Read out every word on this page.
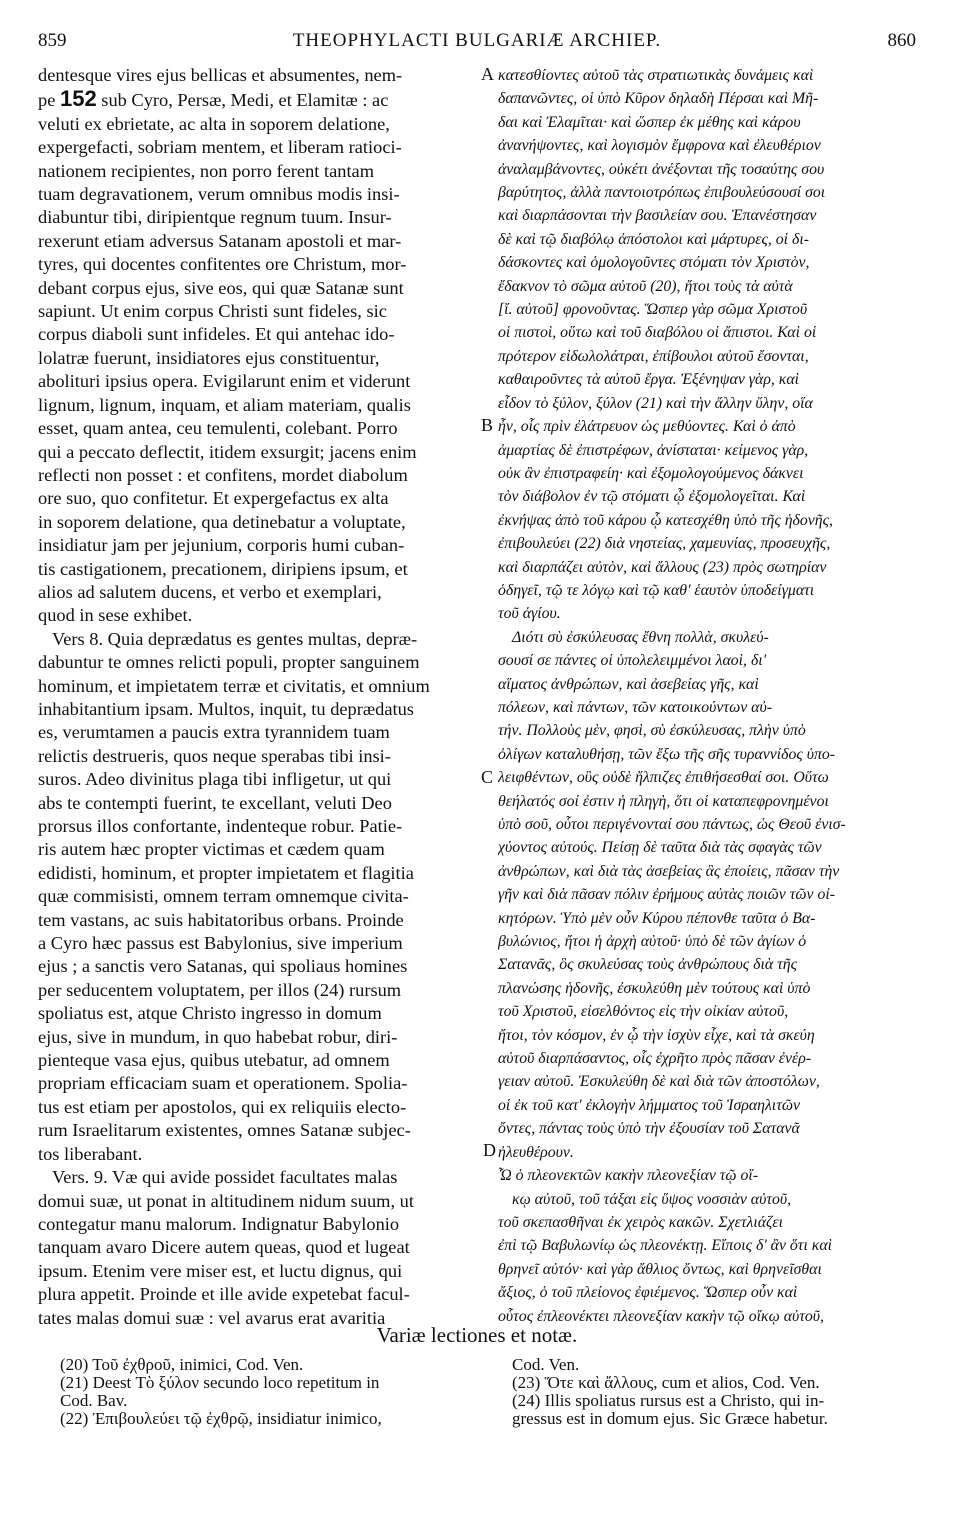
859	THEOPHYLACTI BULGARIÆ ARCHIEP.	860
dentesque vires ejus bellicas et absumentes, nem-
pe 152 sub Cyro, Persæ, Medi, et Elamitæ : ac
veluti ex ebrietate, ac alta in soporem delatione,
expergefacti, sobriam mentem, et liberam ratioci-
nationem recipientes, non porro ferent tantam
tuam degravationem, verum omnibus modis insi-
diabuntur tibi, diripientque regnum tuum. Insur-
rexerunt etiam adversus Satanam apostoli et mar-
tyres, qui docentes confitentes ore Christum, mor-
debant corpus ejus, sive eos, qui quæ Satanæ sunt
sapiunt. Ut enim corpus Christi sunt fideles, sic
corpus diaboli sunt infideles. Et qui antehac ido-
lolatræ fuerunt, insidiatores ejus constituentur,
abolituri ipsius opera. Evigilarunt enim et viderunt
lignum, lignum, inquam, et aliam materiam, qualis
esset, quam antea, ceu temulenti, colebant. Porro
qui a peccato deflectit, itidem exsurgit; jacens enim
reflecti non posset : et confitens, mordet diabolum
ore suo, quo confitetur. Et expergefactus ex alta
in soporem delatione, qua detinebatur a voluptate,
insidiatur jam per jejunium, corporis humi cuban-
tis castigationem, precationem, diripiens ipsum, et
alios ad salutem ducens, et verbo et exemplari,
quod in sese exhibet.
Vers 8. Quia deprædatus es gentes multas, depræ-
dabuntur te omnes relicti populi, propter sanguinem
hominum, et impietatem terræ et civitatis, et omnium
inhabitantium ipsam. Multos, inquit, tu deprædatus
es, verumtamen a paucis extra tyrannidem tuam
relictis destrueris, quos neque sperabas tibi insi-
suros. Adeo divinitus plaga tibi infligetur, ut qui
abs te contempti fuerint, te excellant, veluti Deo
prorsus illos confortante, indenteque robur. Patie-
ris autem hæc propter victimas et cædem quam
edidisti, hominum, et propter impietatem et flagitia
quæ commisisti, omnem terram omnemque civita-
tem vastans, ac suis habitatoribus orbans. Proinde
a Cyro hæc passus est Babylonius, sive imperium
ejus ; a sanctis vero Satanas, qui spoliaus homines
per seducentem voluptatem, per illos (24) rursum
spoliatus est, atque Christo ingresso in domum
ejus, sive in mundum, in quo habebat robur, diri-
pienteque vasa ejus, quibus utebatur, ad omnem
propriam efficaciam suam et operationem. Spolia-
tus est etiam per apostolos, qui ex reliquiis electo-
rum Israelitarum existentes, omnes Satanæ subjec-
tos liberabant.
Vers. 9. Væ qui avide possidet facultates malas
domui suæ, ut ponat in altitudinem nidum suum, ut
contegatur manu malorum. Indignatur Babylonio
tanquam avaro Dicere autem queas, quod et lugeat
ipsum. Etenim vere miser est, et luctu dignus, qui
plura appetit. Proinde et ille avide expetebat facul-
tates malas domui suæ : vel avarus erat avaritia
κατεσθίοντες αὐτοῦ τὰς στρατιωτικὰς δυνάμεις καὶ
δαπανῶντες, οἱ ὑπὸ Κῦρον δηλαδὴ Πέρσαι καὶ Μῆ-
δαι καὶ Ἐλαμῖται· καὶ ὥσπερ ἐκ μέθης καὶ κάρου
ἀνανήψοντες, καὶ λογισμὸν ἔμφρονα καὶ ἐλευθέριον
ἀναλαμβάνοντες, οὐκέτι ἀνέξονται τῆς τοσαύτης σου
βαρύτητος, ἀλλὰ παντοιοτρόπως ἐπιβουλεύσουσί σοι
καὶ διαρπάσονται τὴν βασιλείαν σου. Ἐπανέστησαν
δὲ καὶ τῷ διαβόλῳ ἀπόστολοι καὶ μάρτυρες, οἱ δι-
δάσκοντες καὶ ὁμολογοῦντες στόματι τὸν Χριστὸν,
ἔδακνον τὸ σῶμα αὐτοῦ (20), ἤτοι τοὺς τὰ αὐτὰ
[ἴ. αὐτοῦ] φρονοῦντας. Ὥσπερ γὰρ σῶμα Χριστοῦ
οἱ πιστοὶ, οὕτω καὶ τοῦ διαβόλου οἱ ἄπιστοι. Καὶ οἱ
πρότερον εἰδωλολάτραι, ἐπίβουλοι αὐτοῦ ἔσονται,
καθαιροῦντες τὰ αὐτοῦ ἔργα. Ἐξένηψαν γὰρ, καὶ
εἶδον τὸ ξύλον, ξύλον (21) καὶ τὴν ἄλλην ὕλην, οἵα
ἦν, οἷς πρὶν ἐλάτρευον ὡς μεθύοντες. Καὶ ὁ ἀπὸ
ἁμαρτίας δὲ ἐπιστρέφων, ἀνίσταται· κείμενος γὰρ,
οὐκ ἂν ἐπιστραφείη· καὶ ἐξομολογούμενος δάκνει
τὸν διάβολον ἐν τῷ στόματι ᾧ ἐξομολογεῖται. Καὶ
ἐκνήψας ἀπὸ τοῦ κάρου ᾧ κατεσχέθη ὑπὸ τῆς ἡδονῆς,
ἐπιβουλεύει (22) διὰ νηστείας, χαμευνίας, προσευχῆς,
καὶ διαρπάζει αὐτὸν, καὶ ἄλλους (23) πρὸς σωτηρίαν
ὁδηγεῖ, τῷ τε λόγῳ καὶ τῷ καθ' ἑαυτὸν ὑποδείγματι
τοῦ ἁγίου.
Διότι σὺ ἐσκύλευσας ἔθνη πολλὰ, σκυλεύ-
σουσί σε πάντες οἱ ὑπολελειμμένοι λαοὶ, δι'
αἵματος ἀνθρώπων, καὶ ἀσεβείας γῆς, καὶ
πόλεων, καὶ πάντων, τῶν κατοικούντων αὐ-
τήν. Πολλοὺς μὲν, φησὶ, σὺ ἐσκύλευσας, πλὴν ὑπὸ
ὀλίγων καταλυθήσῃ, τῶν ἔξω τῆς σῆς τυραννίδος ὑπο-
λειφθέντων, οὓς οὐδὲ ἤλπιζες ἐπιθήσεσθαί σοι. Οὕτω
θεήλατός σοί ἐστιν ἡ πληγὴ, ὅτι οἱ καταπεφρονημένοι
ὑπὸ σοῦ, οὗτοι περιγένονταί σου πάντως, ὡς Θεοῦ ἐνισ-
χύοντος αὐτούς. Πείσῃ δὲ ταῦτα διὰ τὰς σφαγὰς τῶν
ἀνθρώπων, καὶ διὰ τὰς ἀσεβείας ἃς ἐποίεις, πᾶσαν τὴν
γῆν καὶ διὰ πᾶσαν πόλιν ἐρήμους αὐτὰς ποιῶν τῶν οἰ-
κητόρων. Ὑπὸ μὲν οὖν Κύρου πέπονθε ταῦτα ὁ Βα-
βυλώνιος, ἤτοι ἡ ἀρχὴ αὐτοῦ· ὑπὸ δὲ τῶν ἁγίων ὁ
Σατανᾶς, ὃς σκυλεύσας τοὺς ἀνθρώπους διὰ τῆς
πλανώσης ἡδονῆς, ἐσκυλεύθη μὲν τούτους καὶ ὑπὸ
τοῦ Χριστοῦ, εἰσελθόντος εἰς τὴν οἰκίαν αὐτοῦ,
ἤτοι, τὸν κόσμον, ἐν ᾧ τὴν ἰσχὺν εἶχε, καὶ τὰ σκεύη
αὐτοῦ διαρπάσαντος, οἷς ἐχρῆτο πρὸς πᾶσαν ἐνέρ-
γειαν αὐτοῦ. Ἐσκυλεύθη δὲ καὶ διὰ τῶν ἀποστόλων,
οἱ ἐκ τοῦ κατ' ἐκλογὴν λήμματος τοῦ Ἰσραηλιτῶν
ὄντες, πάντας τοὺς ὑπὸ τὴν ἐξουσίαν τοῦ Σατανᾶ
ἠλευθέρουν.
Ὦ ὁ πλεονεκτῶν κακὴν πλεονεξίαν τῷ οἴ-
κῳ αὐτοῦ, τοῦ τάξαι εἰς ὕψος νοσσιὰν αὐτοῦ,
τοῦ σκεπασθῆναι ἐκ χειρὸς κακῶν. Σχετλιάζει
ἐπὶ τῷ Βαβυλωνίῳ ὡς πλεονέκτῃ. Εἴποις δ' ἂν ὅτι καὶ
θρηνεῖ αὐτόν· καὶ γὰρ ἄθλιος ὄντως, καὶ θρηνεῖσθαι
ἄξιος, ὁ τοῦ πλείονος ἐφιέμενος. Ὥσπερ οὖν καὶ
οὗτος ἐπλεονέκτει πλεονεξίαν κακὴν τῷ οἴκῳ αὐτοῦ,
A
B
C
D
Variæ lectiones et notæ.
(20) Τοῦ ἐχθροῦ, inimici, Cod. Ven.
(21) Deest Τὸ ξύλον secundo loco repetitum in
Cod. Bav.
(22) Ἐπιβουλεύει τῷ ἐχθρῷ, insidiatur inimico,
Cod. Ven.
(23) Ὅτε καὶ ἄλλους, cum et alios, Cod. Ven.
(24) Illis spoliatus rursus est a Christo, qui in-
gressus est in domum ejus. Sic Græce habetur.
